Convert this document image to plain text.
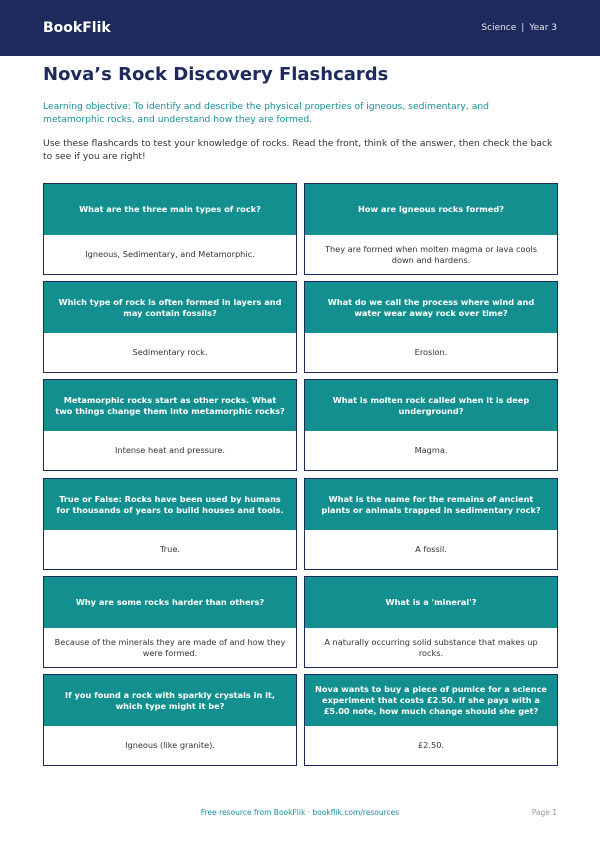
BookFlik	Science | Year 3
Nova’s Rock Discovery Flashcards

Learning objective: To identify and describe the physical properties of igneous, sedimentary, and metamorphic rocks, and understand how they are formed.

Use these flashcards to test your knowledge of rocks. Read the front, think of the answer, then check the back to see if you are right!

What are the three main types of rock?
Igneous, Sedimentary, and Metamorphic.
How are Igneous rocks formed?
They are formed when molten magma or lava cools down and hardens.
Which type of rock is often formed in layers and may contain fossils?
Sedimentary rock.
What do we call the process where wind and water wear away rock over time?
Erosion.
Metamorphic rocks start as other rocks. What two things change them into metamorphic rocks?
Intense heat and pressure.
What is molten rock called when it is deep underground?
Magma.
True or False: Rocks have been used by humans for thousands of years to build houses and tools.
True.
What is the name for the remains of ancient plants or animals trapped in sedimentary rock?
A fossil.
Why are some rocks harder than others?
Because of the minerals they are made of and how they were formed.
What is a 'mineral'?
A naturally occurring solid substance that makes up rocks.
If you found a rock with sparkly crystals in it, which type might it be?
Igneous (like granite).
Nova wants to buy a piece of pumice for a science experiment that costs £2.50. If she pays with a £5.00 note, how much change should she get?
£2.50.
Free resource from BookFlik · bookflik.com/resources	Page 1
